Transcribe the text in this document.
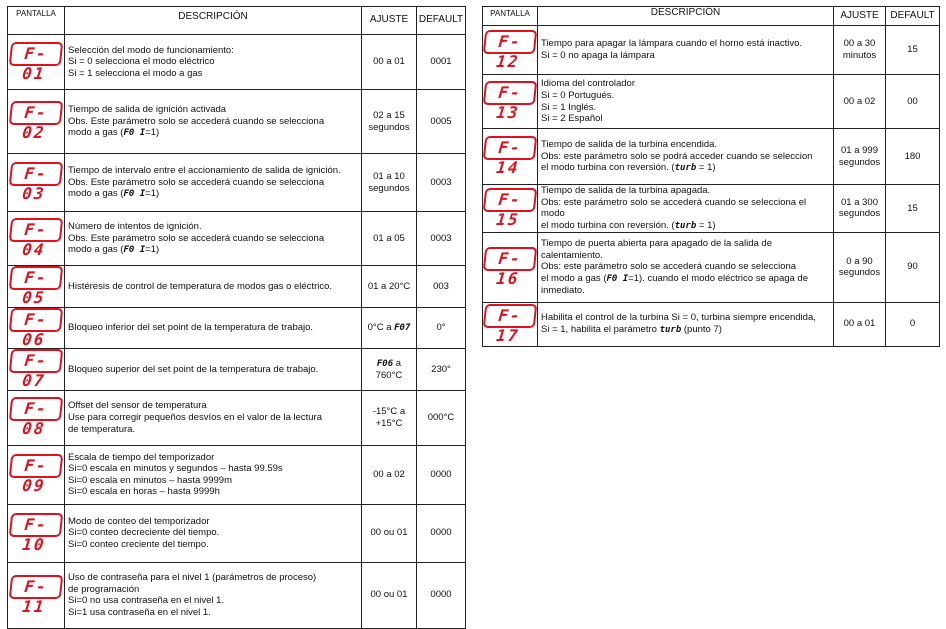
PANTALLA	DESCRIPCIÓN	AJUSTE	DEFAULT
F-01	Selección del modo de funcionamiento:
Si = 0 selecciona el modo eléctrico
Si = 1 selecciona el modo a gas	00 a 01	0001
F-02	Tiempo de salida de ignición activada
Obs. Este parámetro solo se accederá cuando se selecciona
modo a gas (F0 I=1)	02 a 15
segundos	0005
F-03	Tiempo de intervalo entre el accionamiento de salida de ignición.
Obs. Este parámetro solo se accederá cuando se selecciona
modo a gas (F0 I=1)	01 a 10
segundos	0003
F-04	Número de intentos de ignición.
Obs. Este parámetro solo se accederá cuando se selecciona
modo a gas (F0 I=1)	01 a 05	0003
F-05	Histéresis de control de temperatura de modos gas o eléctrico.	01 a 20°C	003
F-06	Bloqueo inferior del set point de la temperatura de trabajo.	0°C a F07	0°
F-07	Bloqueo superior del set point de la temperatura de trabajo.	F06 a
760°C	230°
F-08	Offset del sensor de temperatura
Use para corregir pequeños desvíos en el valor de la lectura
de temperatura.	-15°C a
+15°C	000°C
F-09	Escala de tiempo del temporizador
Si=0 escala en minutos y segundos – hasta 99.59s
Si=0 escala en minutos – hasta 9999m
Si=0 escala en horas – hasta 9999h	00 a 02	0000
F-10	Modo de conteo del temporizador
Si=0 conteo decreciente del tiempo.
Si=0 conteo creciente del tiempo.	00 ou 01	0000
F-11	Uso de contraseña para el nivel 1 (parámetros de proceso)
de programación
Si=0 no usa contraseña en el nivel 1.
Si=1 usa contraseña en el nivel 1.	00 ou 01	0000
PANTALLA	DESCRIPCIÓN	AJUSTE	DEFAULT
F-12	Tiempo para apagar la lámpara cuando el horno está inactivo.
Si = 0 no apaga la lámpara	00 a 30
minutos	15
F-13	Idioma del controlador
Si = 0 Portugués.
Si = 1 Inglés.
Si = 2 Español	00 a 02	00
F-14	Tiempo de salida de la turbina encendida.
Obs: este parámetro solo se podrá acceder cuando se seleccion
el modo turbina con reversión. (turb = 1)	01 a 999
segundos	180
F-15	Tiempo de salida de la turbina apagada.
Obs: este parámetro solo se accederá cuando se selecciona el modo
el modo turbina con reversión. (turb = 1)	01 a 300
segundos	15
F-16	Tiempo de puerta abierta para apagado de la salida de
calentamiento.
Obs: este parámetro solo se accederá cuando se selecciona
el modo a gas (F0 I=1). cuando el modo eléctrico se apaga de
inmediato.	0 a 90
segundos	90
F-17	Habilita el control de la turbina Si = 0, turbina siempre encendida,
Si = 1, habilita el parámetro turb (punto 7)	00 a 01	0
